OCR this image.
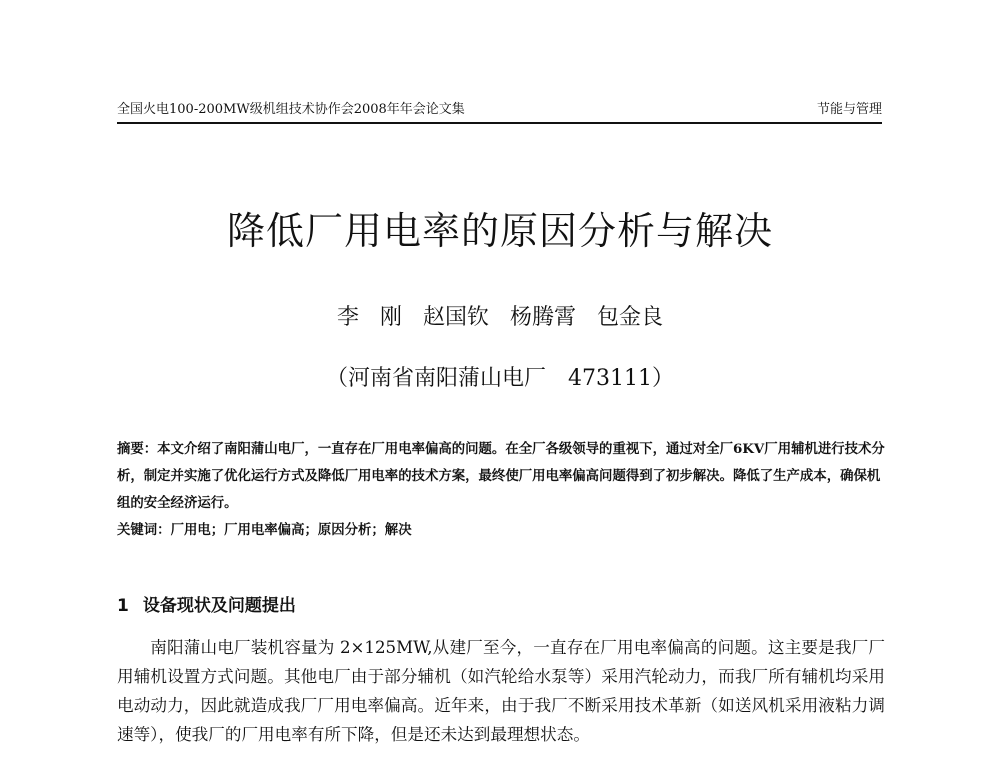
全国火电100-200MW级机组技术协作会2008年年会论文集	节能与管理
降低厂用电率的原因分析与解决
李 刚 赵国钦 杨腾霄 包金良
（河南省南阳蒲山电厂　473111）

摘要：本文介绍了南阳蒲山电厂，一直存在厂用电率偏高的问题。在全厂各级领导的重视下，通过对全厂6KV厂用辅机进行技术分析，制定并实施了优化运行方式及降低厂用电率的技术方案，最终使厂用电率偏高问题得到了初步解决。降低了生产成本，确保机组的安全经济运行。

关键词：厂用电；厂用电率偏高；原因分析；解决

1 设备现状及问题提出

南阳蒲山电厂装机容量为 2×125MW,从建厂至今，一直存在厂用电率偏高的问题。这主要是我厂厂用辅机设置方式问题。其他电厂由于部分辅机（如汽轮给水泵等）采用汽轮动力，而我厂所有辅机均采用电动动力，因此就造成我厂厂用电率偏高。近年来，由于我厂不断采用技术革新（如送风机采用液粘力调速等），使我厂的厂用电率有所下降，但是还未达到最理想状态。
